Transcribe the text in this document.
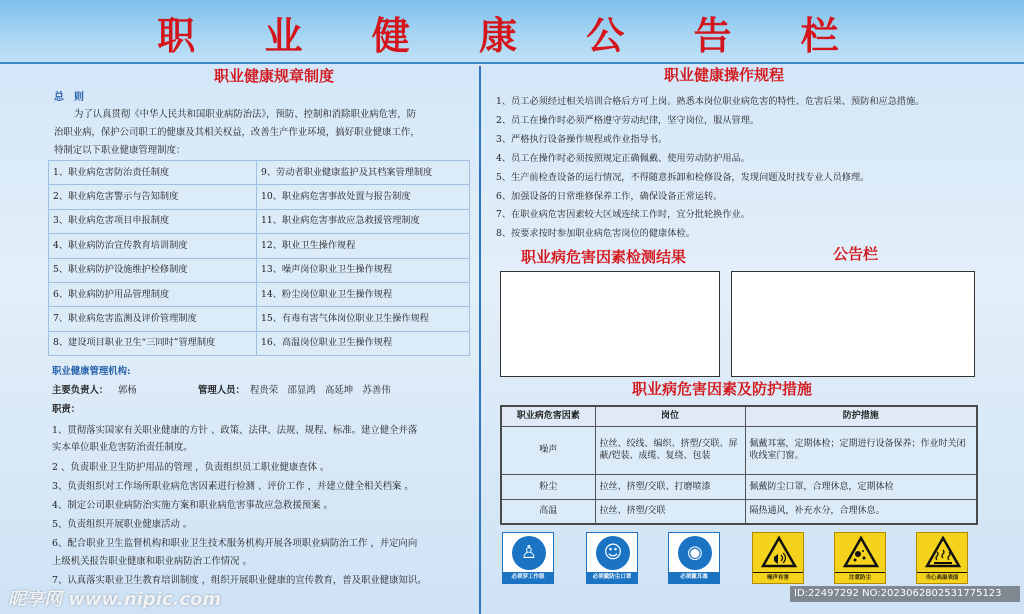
职 业 健 康 公 告 栏
职业健康规章制度
总　则
为了认真贯彻《中华人民共和国职业病防治法》，预防、控制和消除职业病危害，防
治职业病，保护公司职工的健康及其相关权益，改善生产作业环境，搞好职业健康工作，
特制定以下职业健康管理制度：
1、职业病危害防治责任制度	9、劳动者职业健康监护及其档案管理制度
2、职业病危害警示与告知制度	10、职业病危害事故处置与报告制度
3、职业病危害项目申报制度	11、职业病危害事故应急救援管理制度
4、职业病防治宣传教育培训制度	12、职业卫生操作规程
5、职业病防护设施维护检修制度	13、噪声岗位职业卫生操作规程
6、职业病防护用品管理制度	14、粉尘岗位职业卫生操作规程
7、职业病危害监测及评价管理制度	15、有毒有害气体岗位职业卫生操作规程
8、建设项目职业卫生“三同时”管理制度	16、高温岗位职业卫生操作规程
职业健康管理机构:
主要负责人： 郭杨	管理人员： 程贵荣　邵显鸿　高延坤　苏善伟
职责：
1、贯彻落实国家有关职业健康的方针 、政策、法律、法规、规程、标准。建立健全并落
实本单位职业危害防治责任制度。
2 、负责职业卫生防护用品的管理 ，负责组织员工职业健康查体 。
3、负责组织对工作场所职业病危害因素进行检测 、评价工作 ，并建立健全相关档案 。
4、制定公司职业病防治实施方案和职业病危害事故应急救援预案 。
5、负责组织开展职业健康活动 。
6、配合职业卫生监督机构和职业卫生技术服务机构开展各项职业病防治工作 ，并定向向
上级机关报告职业健康和职业病防治工作情况 。
7、认真落实职业卫生教育培训制度 ，组织开展职业健康的宣传教育，普及职业健康知识。
职业健康操作规程
1、员工必须经过相关培训合格后方可上岗。熟悉本岗位职业病危害的特性、危害后果、预防和应急措施。
2、员工在操作时必须严格遵守劳动纪律，坚守岗位，服从管理。
3、严格执行设备操作规程或作业指导书。
4、员工在操作时必须按照规定正确佩戴、使用劳动防护用品。
5、生产前检查设备的运行情况，不得随意拆卸和检修设备，发现问题及时找专业人员修理。
6、加强设备的日常维修保养工作，确保设备正常运转。
7、在职业病危害因素较大区域连续工作时，宜分批轮换作业。
8、按要求按时参加职业病危害岗位的健康体检。
职业病危害因素检测结果	公告栏
职业病危害因素及防护措施
职业病危害因素	岗位	防护措施
噪声	拉丝、绞线、编织、挤塑/交联、屏蔽/铠装、成缆、复绕、包装	佩戴耳塞，定期体检；定期进行设备保养；作业时关闭收线室门窗。
粉尘	拉丝、挤塑/交联、打磨喷漆	佩戴防尘口罩，合理休息，定期体检
高温	拉丝、挤塑/交联	隔热通风，补充水分，合理休息。
♙
必须穿工作服
☺
必须戴防尘口罩
◉
必须戴耳塞	噪声有害	注意防尘	当心高温表面
昵享网 www.nipic.com	ID:22497292 NO:20230628025317751​23
